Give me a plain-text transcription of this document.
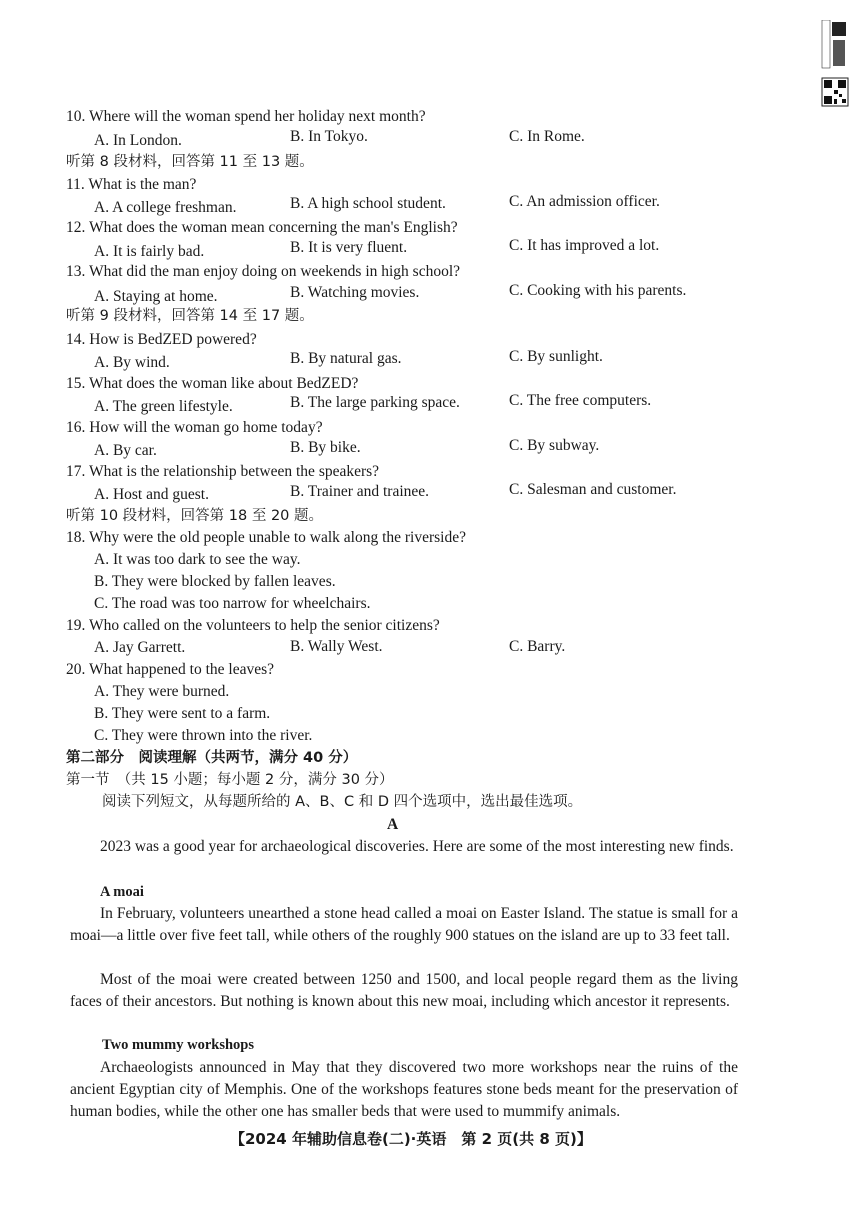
10. Where will the woman spend her holiday next month?
A. In London.	B. In Tokyo.	C. In Rome.
听第 8 段材料，回答第 11 至 13 题。
11. What is the man?
A. A college freshman.	B. A high school student.	C. An admission officer.
12. What does the woman mean concerning the man's English?
A. It is fairly bad.	B. It is very fluent.	C. It has improved a lot.
13. What did the man enjoy doing on weekends in high school?
A. Staying at home.	B. Watching movies.	C. Cooking with his parents.
听第 9 段材料，回答第 14 至 17 题。
14. How is BedZED powered?
A. By wind.	B. By natural gas.	C. By sunlight.
15. What does the woman like about BedZED?
A. The green lifestyle.	B. The large parking space.	C. The free computers.
16. How will the woman go home today?
A. By car.	B. By bike.	C. By subway.
17. What is the relationship between the speakers?
A. Host and guest.	B. Trainer and trainee.	C. Salesman and customer.
听第 10 段材料，回答第 18 至 20 题。
18. Why were the old people unable to walk along the riverside?
A. It was too dark to see the way.
B. They were blocked by fallen leaves.
C. The road was too narrow for wheelchairs.
19. Who called on the volunteers to help the senior citizens?
A. Jay Garrett.	B. Wally West.	C. Barry.
20. What happened to the leaves?
A. They were burned.
B. They were sent to a farm.
C. They were thrown into the river.
第二部分　阅读理解（共两节，满分 40 分）
第一节　（共 15 小题；每小题 2 分，满分 30 分）
阅读下列短文，从每题所给的 A、B、C 和 D 四个选项中，选出最佳选项。
A
2023 was a good year for archaeological discoveries. Here are some of the most interesting new finds.
A moai
In February, volunteers unearthed a stone head called a moai on Easter Island. The statue is small for a moai—a little over five feet tall, while others of the roughly 900 statues on the island are up to 33 feet tall.
Most of the moai were created between 1250 and 1500, and local people regard them as the living faces of their ancestors. But nothing is known about this new moai, including which ancestor it represents.
Two mummy workshops
Archaeologists announced in May that they discovered two more workshops near the ruins of the ancient Egyptian city of Memphis. One of the workshops features stone beds meant for the preservation of human bodies, while the other one has smaller beds that were used to mummify animals.
【2024 年辅助信息卷(二)·英语　第 2 页(共 8 页)】
